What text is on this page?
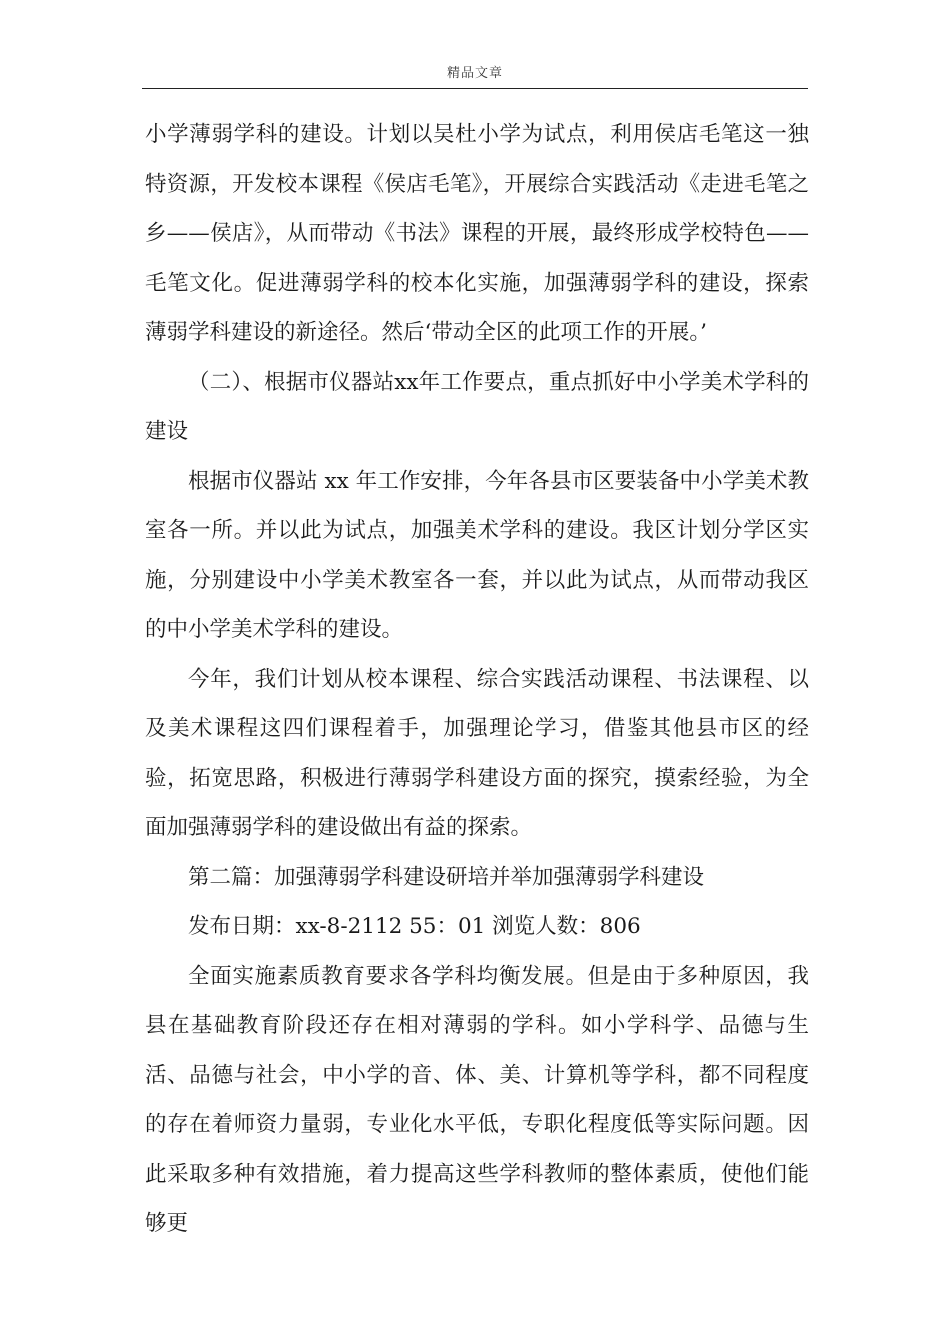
精品文章

小学薄弱学科的建设。计划以吴杜小学为试点，利用侯店毛笔这一独特资源，开发校本课程《侯店毛笔》，开展综合实践活动《走进毛笔之乡——侯店》，从而带动《书法》课程的开展，最终形成学校特色——毛笔文化。促进薄弱学科的校本化实施，加强薄弱学科的建设，探索薄弱学科建设的新途径。然后‘带动全区的此项工作的开展。’

（二）、根据市仪器站xx年工作要点，重点抓好中小学美术学科的建设

根据市仪器站 xx 年工作安排，今年各县市区要装备中小学美术教室各一所。并以此为试点，加强美术学科的建设。我区计划分学区实施，分别建设中小学美术教室各一套，并以此为试点，从而带动我区的中小学美术学科的建设。

今年，我们计划从校本课程、综合实践活动课程、书法课程、以及美术课程这四们课程着手，加强理论学习，借鉴其他县市区的经验，拓宽思路，积极进行薄弱学科建设方面的探究，摸索经验，为全面加强薄弱学科的建设做出有益的探索。

第二篇：加强薄弱学科建设研培并举加强薄弱学科建设

发布日期：xx-8-2112 55：01 浏览人数：806

全面实施素质教育要求各学科均衡发展。但是由于多种原因，我县在基础教育阶段还存在相对薄弱的学科。如小学科学、品德与生活、品德与社会，中小学的音、体、美、计算机等学科，都不同程度的存在着师资力量弱，专业化水平低，专职化程度低等实际问题。因此采取多种有效措施，着力提高这些学科教师的整体素质，使他们能够更
